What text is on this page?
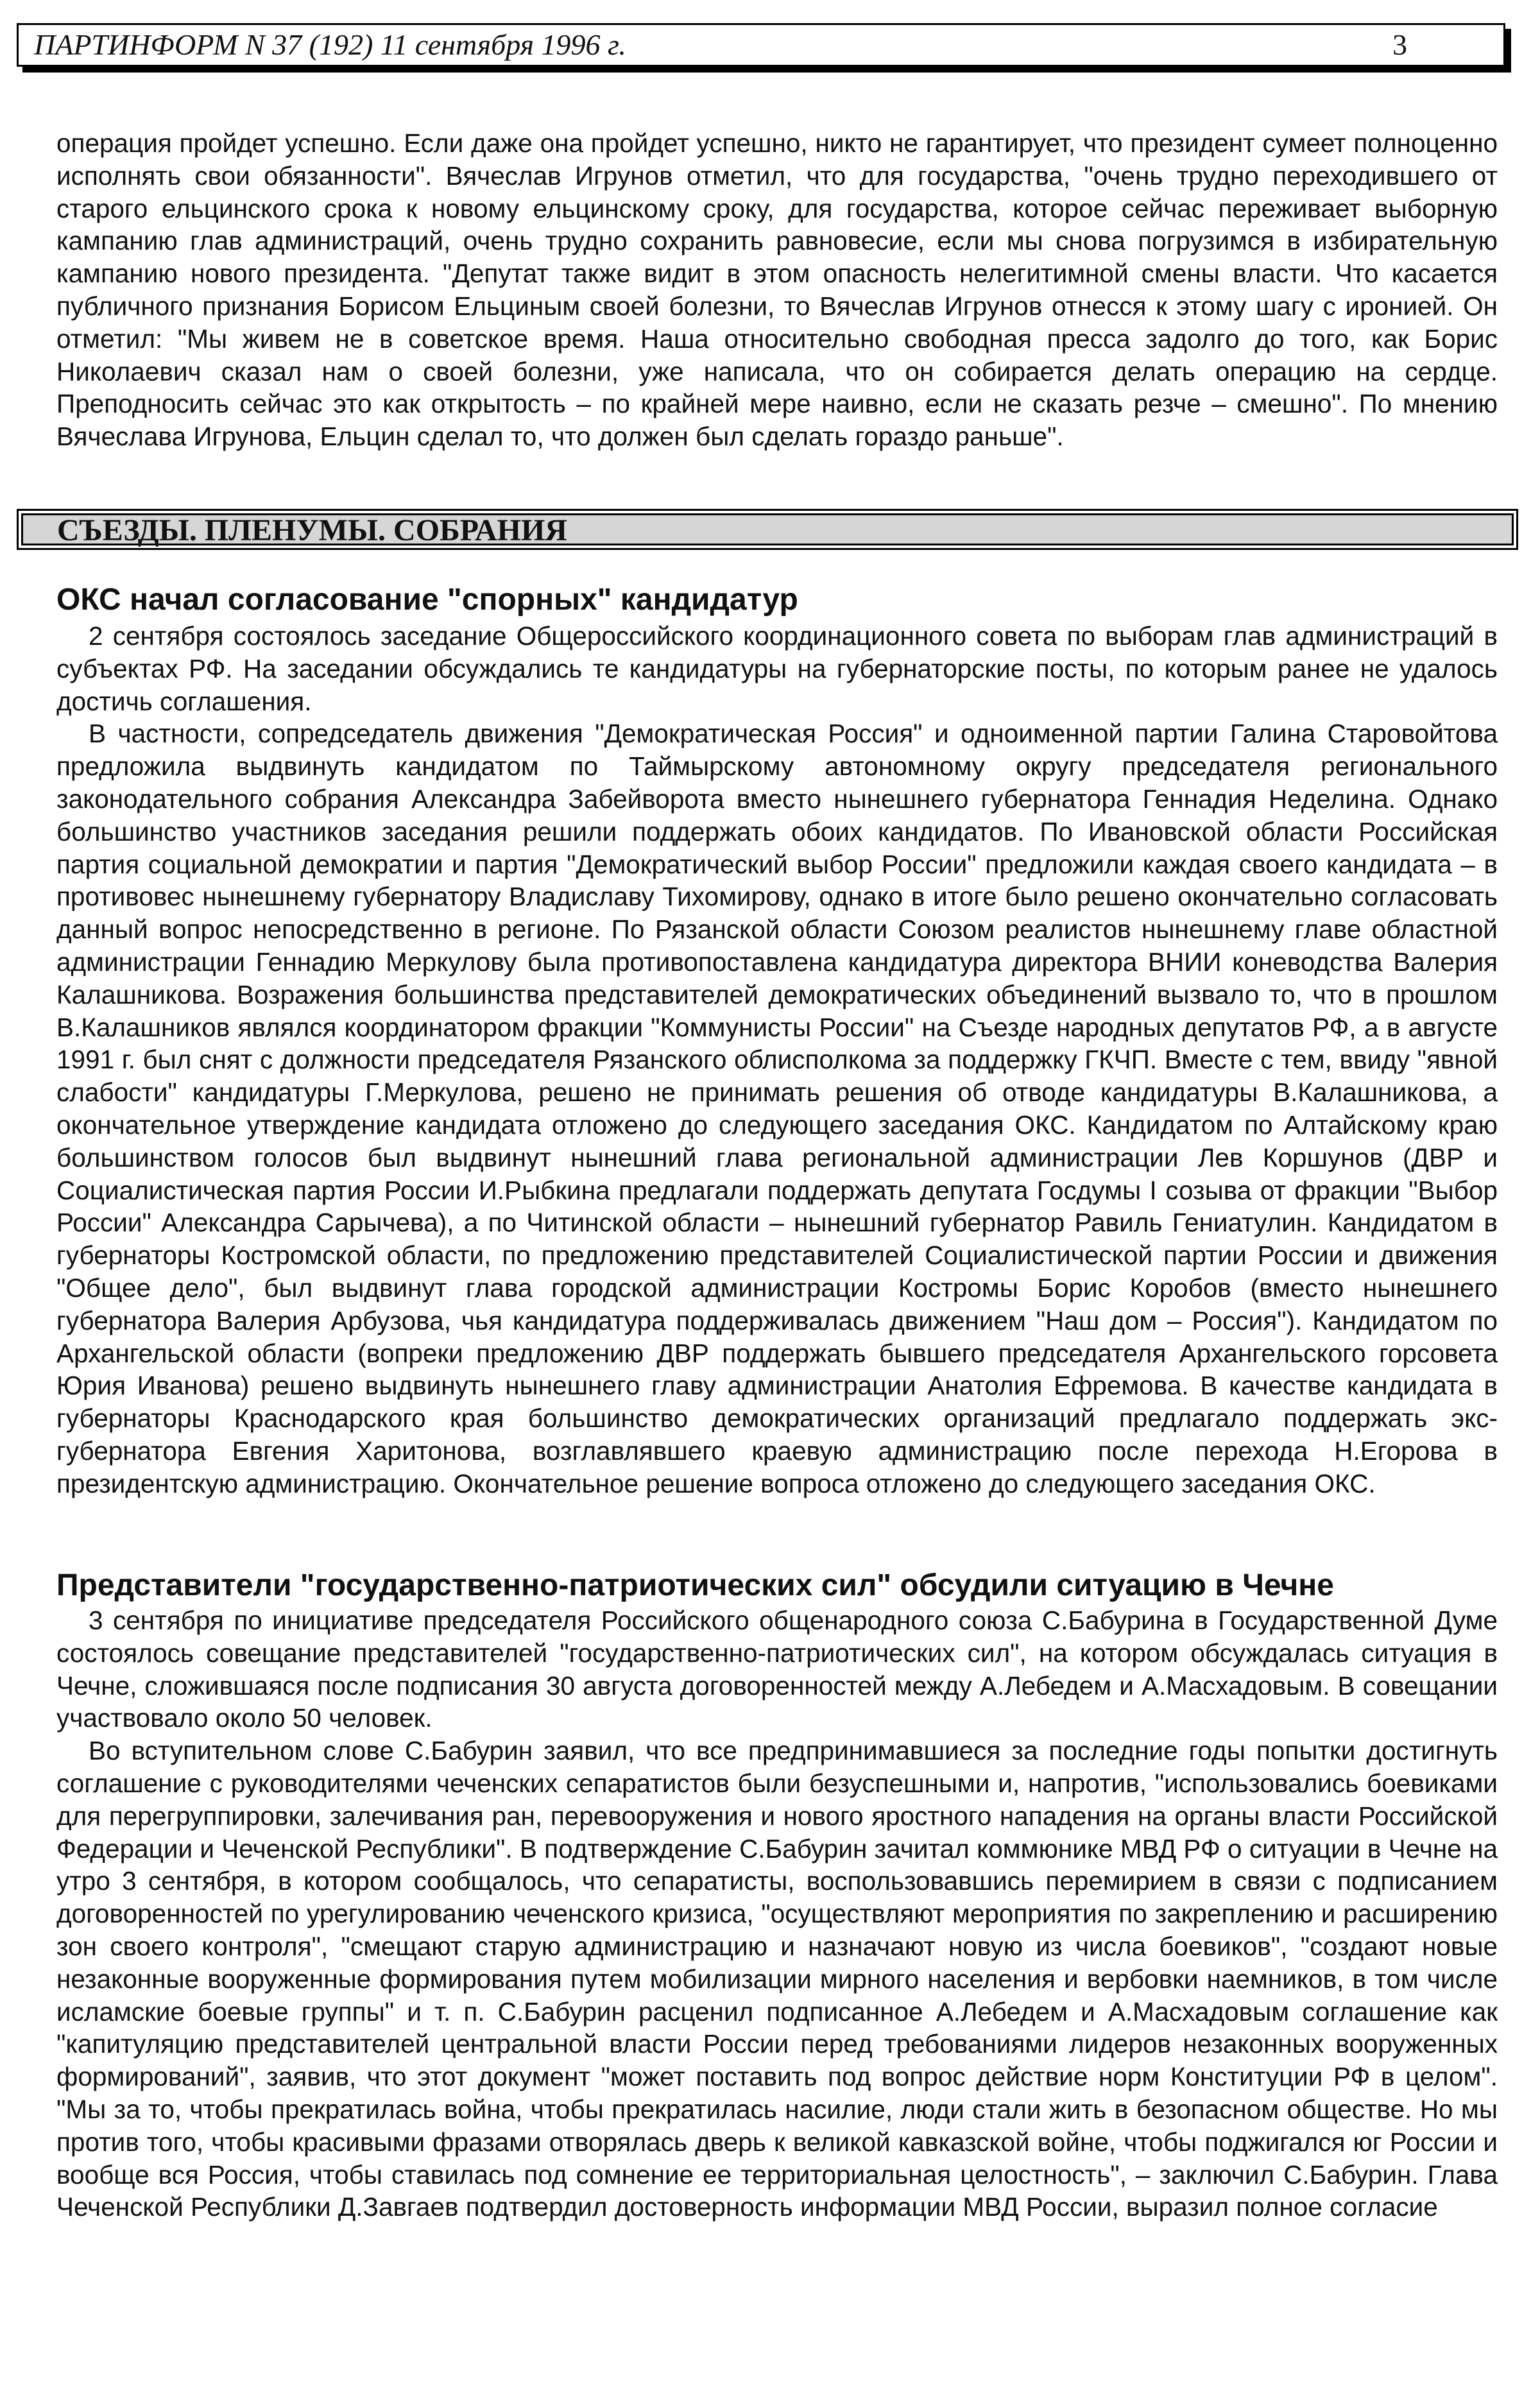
ПАРТИНФОРМ N 37 (192) 11 сентября 1996 г.	3

операция пройдет успешно. Если даже она пройдет успешно, никто не гарантирует, что президент сумеет полноценно исполнять свои обязанности". Вячеслав Игрунов отметил, что для государства, "очень трудно переходившего от старого ельцинского срока к новому ельцинскому сроку, для государства, которое сейчас переживает выборную кампанию глав администраций, очень трудно сохранить равновесие, если мы снова погрузимся в избирательную кампанию нового президента. "Депутат также видит в этом опасность нелегитимной смены власти. Что касается публичного признания Борисом Ельциным своей болезни, то Вячеслав Игрунов отнесся к этому шагу с иронией. Он отметил: "Мы живем не в советское время. Наша относительно свободная пресса задолго до того, как Борис Николаевич сказал нам о своей болезни, уже написала, что он собирается делать операцию на сердце. Преподносить сейчас это как открытость – по крайней мере наивно, если не сказать резче – смешно". По мнению Вячеслава Игрунова, Ельцин сделал то, что должен был сделать гораздо раньше".

СЪЕЗДЫ. ПЛЕНУМЫ. СОБРАНИЯ
ОКС начал согласование "спорных" кандидатур

2 сентября состоялось заседание Общероссийского координационного совета по выборам глав администраций в субъектах РФ. На заседании обсуждались те кандидатуры на губернаторские посты, по которым ранее не удалось достичь соглашения.

В частности, сопредседатель движения "Демократическая Россия" и одноименной партии Галина Старовойтова предложила выдвинуть кандидатом по Таймырскому автономному округу председателя регионального законодательного собрания Александра Забейворота вместо нынешнего губернатора Геннадия Неделина. Однако большинство участников заседания решили поддержать обоих кандидатов. По Ивановской области Российская партия социальной демократии и партия "Демократический выбор России" предложили каждая своего кандидата – в противовес нынешнему губернатору Владиславу Тихомирову, однако в итоге было решено окончательно согласовать данный вопрос непосредственно в регионе. По Рязанской области Союзом реалистов нынешнему главе областной администрации Геннадию Меркулову была противопоставлена кандидатура директора ВНИИ коневодства Валерия Калашникова. Возражения большинства представителей демократических объединений вызвало то, что в прошлом В.Калашников являлся координатором фракции "Коммунисты России" на Съезде народных депутатов РФ, а в августе 1991 г. был снят с должности председателя Рязанского облисполкома за поддержку ГКЧП. Вместе с тем, ввиду "явной слабости" кандидатуры Г.Меркулова, решено не принимать решения об отводе кандидатуры В.Калашникова, а окончательное утверждение кандидата отложено до следующего заседания ОКС. Кандидатом по Алтайскому краю большинством голосов был выдвинут нынешний глава региональной администрации Лев Коршунов (ДВР и Социалистическая партия России И.Рыбкина предлагали поддержать депутата Госдумы I созыва от фракции "Выбор России" Александра Сарычева), а по Читинской области – нынешний губернатор Равиль Гениатулин. Кандидатом в губернаторы Костромской области, по предложению представителей Социалистической партии России и движения "Общее дело", был выдвинут глава городской администрации Костромы Борис Коробов (вместо нынешнего губернатора Валерия Арбузова, чья кандидатура поддерживалась движением "Наш дом – Россия"). Кандидатом по Архангельской области (вопреки предложению ДВР поддержать бывшего председателя Архангельского горсовета Юрия Иванова) решено выдвинуть нынешнего главу администрации Анатолия Ефремова. В качестве кандидата в губернаторы Краснодарского края большинство демократических организаций предлагало поддержать экс-губернатора Евгения Харитонова, возглавлявшего краевую администрацию после перехода Н.Егорова в президентскую администрацию. Окончательное решение вопроса отложено до следующего заседания ОКС.

Представители "государственно-патриотических сил" обсудили ситуацию в Чечне

3 сентября по инициативе председателя Российского общенародного союза С.Бабурина в Государственной Думе состоялось совещание представителей "государственно-патриотических сил", на котором обсуждалась ситуация в Чечне, сложившаяся после подписания 30 августа договоренностей между А.Лебедем и А.Масхадовым. В совещании участвовало около 50 человек.

Во вступительном слове С.Бабурин заявил, что все предпринимавшиеся за последние годы попытки достигнуть соглашение с руководителями чеченских сепаратистов были безуспешными и, напротив, "использовались боевиками для перегруппировки, залечивания ран, перевооружения и нового яростного нападения на органы власти Российской Федерации и Чеченской Республики". В подтверждение С.Бабурин зачитал коммюнике МВД РФ о ситуации в Чечне на утро 3 сентября, в котором сообщалось, что сепаратисты, воспользовавшись перемирием в связи с подписанием договоренностей по урегулированию чеченского кризиса, "осуществляют мероприятия по закреплению и расширению зон своего контроля", "смещают старую администрацию и назначают новую из числа боевиков", "создают новые незаконные вооруженные формирования путем мобилизации мирного населения и вербовки наемников, в том числе исламские боевые группы" и т. п. С.Бабурин расценил подписанное А.Лебедем и А.Масхадовым соглашение как "капитуляцию представителей центральной власти России перед требованиями лидеров незаконных вооруженных формирований", заявив, что этот документ "может поставить под вопрос действие норм Конституции РФ в целом". "Мы за то, чтобы прекратилась война, чтобы прекратилась насилие, люди стали жить в безопасном обществе. Но мы против того, чтобы красивыми фразами отворялась дверь к великой кавказской войне, чтобы поджигался юг России и вообще вся Россия, чтобы ставилась под сомнение ее территориальная целостность", – заключил С.Бабурин. Глава Чеченской Республики Д.Завгаев подтвердил достоверность информации МВД России, выразил полное согласие
